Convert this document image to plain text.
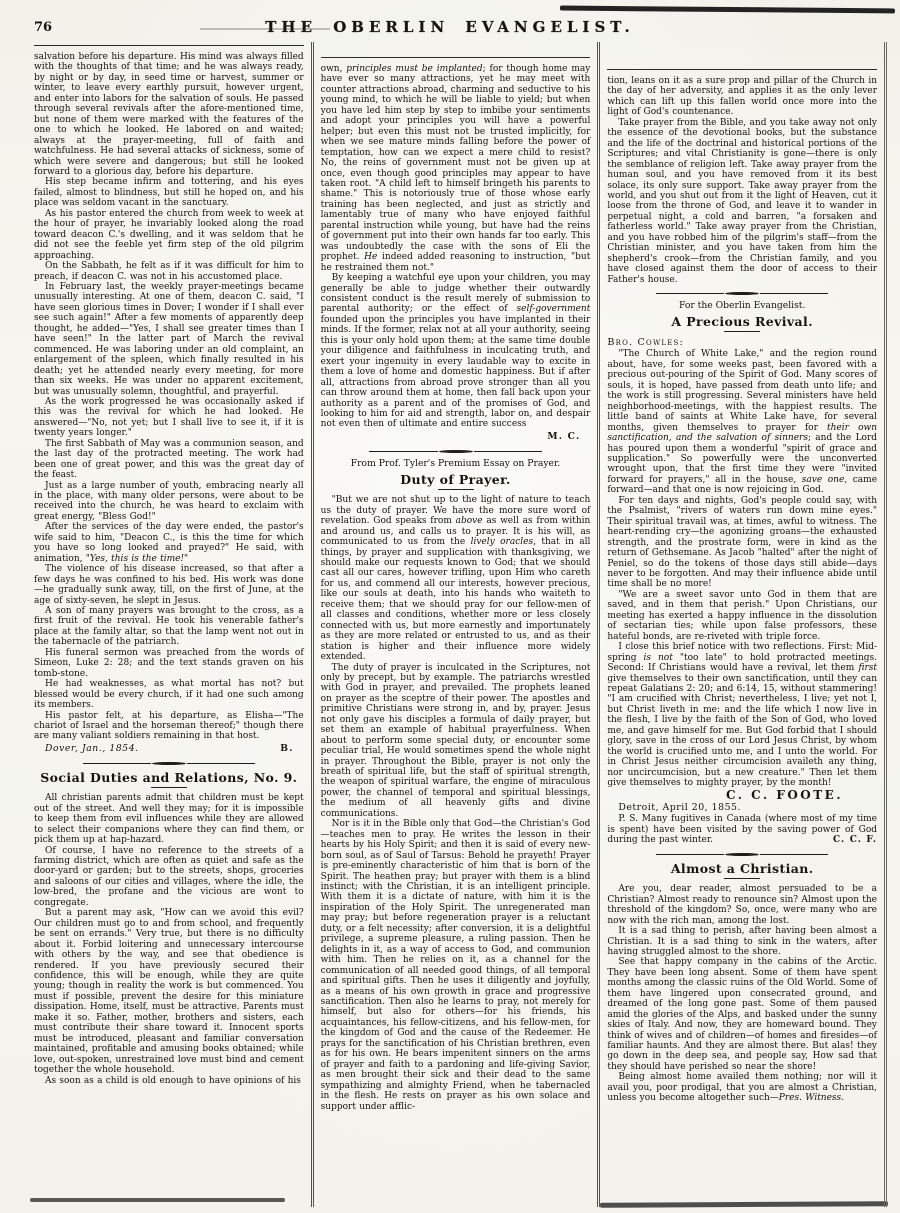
76	THE OBERLIN EVANGELIST.

salvation before his departure. His mind was always filled with the thoughts of that time; and he was always ready, by night or by day, in seed time or harvest, summer or winter, to leave every earthly pursuit, however urgent, and enter into labors for the salvation of souls. He passed through several revivals after the afore-mentioned time, but none of them were marked with the features of the one to which he looked. He labored on and waited; always at the prayer-meeting, full of faith and watchfulness. He had several attacks of sickness, some of which were severe and dangerous; but still he looked forward to a glorious day, before his departure.

His step became infirm and tottering, and his eyes failed, almost to blindness, but still he hoped on, and his place was seldom vacant in the sanctuary.

As his pastor entered the church from week to week at the hour of prayer, he invariably looked along the road toward deacon C.'s dwelling, and it was seldom that he did not see the feeble yet firm step of the old pilgrim approaching.

On the Sabbath, he felt as if it was difficult for him to preach, if deacon C. was not in his accustomed place.

In February last, the weekly prayer-meetings became unusually interesting. At one of them, deacon C. said, "I have seen glorious times in Dover; I wonder if I shall ever see such again!" After a few moments of apparently deep thought, he added—"Yes, I shall see greater times than I have seen!" In the latter part of March the revival commenced. He was laboring under an old complaint, an enlargement of the spleen, which finally resulted in his death; yet he attended nearly every meeting, for more than six weeks. He was under no apparent excitement, but was unusually solemn, thoughtful, and prayerful.

As the work progressed he was occasionally asked if this was the revival for which he had looked. He answered—"No, not yet; but I shall live to see it, if it is twenty years longer."

The first Sabbath of May was a communion season, and the last day of the protracted meeting. The work had been one of great power, and this was the great day of the feast.

Just as a large number of youth, embracing nearly all in the place, with many older persons, were about to be received into the church, he was heard to exclaim with great energy, "Bless God!"

After the services of the day were ended, the pastor's wife said to him, "Deacon C., is this the time for which you have so long looked and prayed?" He said, with animation, "Yes, this is the time!"

The violence of his disease increased, so that after a few days he was confined to his bed. His work was done—he gradually sunk away, till, on the first of June, at the age of sixty-seven, he slept in Jesus.

A son of many prayers was brought to the cross, as a first fruit of the revival. He took his venerable father's place at the family altar, so that the lamp went not out in the tabernacle of the patriarch.

His funeral sermon was preached from the words of Simeon, Luke 2: 28; and the text stands graven on his tomb-stone.

He had weaknesses, as what mortal has not? but blessed would be every church, if it had one such among its members.

His pastor felt, at his departure, as Elisha—"The chariot of Israel and the horseman thereof;" though there are many valiant soldiers remaining in that host.

Dover, Jan., 1854.	B.
Social Duties and Relations, No. 9.

All christian parents admit that children must be kept out of the street. And well they may; for it is impossible to keep them from evil influences while they are allowed to select their companions where they can find them, or pick them up at hap-hazard.

Of course, I have no reference to the streets of a farming district, which are often as quiet and safe as the door-yard or garden; but to the streets, shops, groceries and saloons of our cities and villages, where the idle, the low-bred, the profane and the vicious are wont to congregate.

But a parent may ask, "How can we avoid this evil? Our children must go to and from school, and frequently be sent on errands." Very true, but there is no difficulty about it. Forbid loitering and unnecessary intercourse with others by the way, and see that obedience is rendered. If you have previously secured their confidence, this will be enough, while they are quite young; though in reality the work is but commenced. You must if possible, prevent the desire for this miniature dissipation. Home, itself, must be attractive. Parents must make it so. Father, mother, brothers and sisters, each must contribute their share toward it. Innocent sports must be introduced, pleasant and familiar conversation maintained, profitable and amusing books obtained; while love, out-spoken, unrestrained love must bind and cement together the whole household.

As soon as a child is old enough to have opinions of his

own, principles must be implanted; for though home may have ever so many attractions, yet he may meet with counter attractions abroad, charming and seductive to his young mind, to which he will be liable to yield; but when you have led him step by step to imbibe your sentiments and adopt your principles you will have a powerful helper; but even this must not be trusted implicitly, for when we see mature minds falling before the power of temptation, how can we expect a mere child to resist? No, the reins of government must not be given up at once, even though good principles may appear to have taken root. "A child left to himself bringeth his parents to shame." This is notoriously true of those whose early training has been neglected, and just as strictly and lamentably true of many who have enjoyed faithful parental instruction while young, but have had the reins of government put into their own hands far too early. This was undoubtedly the case with the sons of Eli the prophet. He indeed added reasoning to instruction, "but he restrained them not."

By keeping a watchful eye upon your children, you may generally be able to judge whether their outwardly consistent conduct is the result merely of submission to parental authority; or the effect of self-government founded upon the principles you have implanted in their minds. If the former, relax not at all your authority, seeing this is your only hold upon them; at the same time double your diligence and faithfulness in inculcating truth, and exert your ingenuity in every laudable way to excite in them a love of home and domestic happiness. But if after all, attractions from abroad prove stronger than all you can throw around them at home, then fall back upon your authority as a parent and of the promises of God, and looking to him for aid and strength, labor on, and despair not even then of ultimate and entire success

M. C.
From Prof. Tyler's Premium Essay on Prayer.
Duty of Prayer.

"But we are not shut up to the light of nature to teach us the duty of prayer. We have the more sure word of revelation. God speaks from above as well as from within and around us, and calls us to prayer. It is his will, as communicated to us from the lively oracles, that in all things, by prayer and supplication with thanksgiving, we should make our requests known to God; that we should cast all our cares, however trifling, upon Him who careth for us, and commend all our interests, however precious, like our souls at death, into his hands who waiteth to receive them; that we should pray for our fellow-men of all classes and conditions, whether more or less closely connected with us, but more earnestly and importunately as they are more related or entrusted to us, and as their station is higher and their influence more widely extended.

The duty of prayer is inculcated in the Scriptures, not only by precept, but by example. The patriarchs wrestled with God in prayer, and prevailed. The prophets leaned on prayer as the sceptre of their power. The apostles and primitive Christians were strong in, and by, prayer. Jesus not only gave his disciples a formula of daily prayer, but set them an example of habitual prayerfulness. When about to perform some special duty, or encounter some peculiar trial, He would sometimes spend the whole night in prayer. Throughout the Bible, prayer is not only the breath of spiritual life, but the staff of spiritual strength, the weapon of spiritual warfare, the engine of miraculous power, the channel of temporal and spiritual blessings, the medium of all heavenly gifts and divine communications.

Nor is it in the Bible only that God—the Christian's God—teaches men to pray. He writes the lesson in their hearts by his Holy Spirit; and then it is said of every new-born soul, as of Saul of Tarsus: Behold he prayeth! Prayer is pre-eminently characteristic of him that is born of the Spirit. The heathen pray; but prayer with them is a blind instinct; with the Christian, it is an intelligent principle. With them it is a dictate of nature, with him it is the inspiration of the Holy Spirit. The unregenerated man may pray; but before regeneration prayer is a reluctant duty, or a felt necessity; after conversion, it is a delightful privilege, a supreme pleasure, a ruling passion. Then he delights in it, as a way of access to God, and communion with him. Then he relies on it, as a channel for the communication of all needed good things, of all temporal and spiritual gifts. Then he uses it diligently and joyfully, as a means of his own growth in grace and progressive sanctification. Then also he learns to pray, not merely for himself, but also for others—for his friends, his acquaintances, his fellow-citizens, and his fellow-men, for the kingdom of God and the cause of the Redeemer. He prays for the sanctification of his Christian brethren, even as for his own. He bears impenitent sinners on the arms of prayer and faith to a pardoning and life-giving Savior, as men brought their sick and their dead to the same sympathizing and almighty Friend, when he tabernacled in the flesh. He rests on prayer as his own solace and support under afflic-

tion, leans on it as a sure prop and pillar of the Church in the day of her adversity, and applies it as the only lever which can lift up this fallen world once more into the light of God's countenance.

Take prayer from the Bible, and you take away not only the essence of the devotional books, but the substance and the life of the doctrinal and historical portions of the Scriptures; and vital Christianity is gone—there is only the semblance of religion left. Take away prayer from the human soul, and you have removed from it its best solace, its only sure support. Take away prayer from the world, and you shut out from it the light of Heaven, cut it loose from the throne of God, and leave it to wander in perpetual night, a cold and barren, "a forsaken and fatherless world." Take away prayer from the Christian, and you have robbed him of the pilgrim's staff—from the Christian minister, and you have taken from him the shepherd's crook—from the Christian family, and you have closed against them the door of access to their Father's house.

For the Oberlin Evangelist.
A Precious Revival.
Bro. Cowles:

"The Church of White Lake," and the region round about, have, for some weeks past, been favored with a precious out-pouring of the Spirit of God. Many scores of souls, it is hoped, have passed from death unto life; and the work is still progressing. Several ministers have held neighborhood-meetings, with the happiest results. The little band of saints at White Lake have, for several months, given themselves to prayer for their own sanctification, and the salvation of sinners; and the Lord has poured upon them a wonderful "spirit of grace and supplication." So powerfully were the unconverted wrought upon, that the first time they were "invited forward for prayers," all in the house, save one, came forward—and that one is now rejoicing in God.

For ten days and nights, God's people could say, with the Psalmist, "rivers of waters run down mine eyes." Their spiritual travail was, at times, awful to witness. The heart-rending cry—the agonizing groans—the exhausted strength, and the prostrate form, were in kind as the return of Gethsemane. As Jacob "halted" after the night of Peniel, so do the tokens of those days still abide—days never to be forgotten. And may their influence abide until time shall be no more!

"We are a sweet savor unto God in them that are saved, and in them that perish." Upon Christians, our meeting has exerted a happy influence in the dissolution of sectarian ties; while upon false professors, these hateful bonds, are re-riveted with triple force.

I close this brief notice with two reflections. First: Mid-spring is not "too late" to hold protracted meetings. Second: If Christians would have a revival, let them first give themselves to their own sanctification, until they can repeat Galatians 2: 20; and 6:14, 15, without stammering! "I am crucified with Christ; nevertheless, I live; yet not I, but Christ liveth in me: and the life which I now live in the flesh, I live by the faith of the Son of God, who loved me, and gave himself for me. But God forbid that I should glory, save in the cross of our Lord Jesus Christ, by whom the world is crucified unto me, and I unto the world. For in Christ Jesus neither circumcision availeth any thing, nor uncircumcision, but a new creature." Then let them give themselves to mighty prayer, by the month!

C. C. FOOTE.
Detroit, April 20, 1855.

P. S. Many fugitives in Canada (where most of my time is spent) have been visited by the saving power of God during the past winter.	C. C. F.

Almost a Christian.

Are you, dear reader, almost persuaded to be a Christian? Almost ready to renounce sin? Almost upon the threshold of the kingdom? So, once, were many who are now with the rich man, among the lost.

It is a sad thing to perish, after having been almost a Christian. It is a sad thing to sink in the waters, after having struggled almost to the shore.

See that happy company in the cabins of the Arctic. They have been long absent. Some of them have spent months among the classic ruins of the Old World. Some of them have lingered upon consecrated ground, and dreamed of the long gone past. Some of them paused amid the glories of the Alps, and basked under the sunny skies of Italy. And now, they are homeward bound. They think of wives and of children—of homes and firesides—of familiar haunts. And they are almost there. But alas! they go down in the deep sea, and people say, How sad that they should have perished so near the shore!

Being almost home availed them nothing; nor will it avail you, poor prodigal, that you are almost a Christian, unless you become altogether such—Pres. Witness.
